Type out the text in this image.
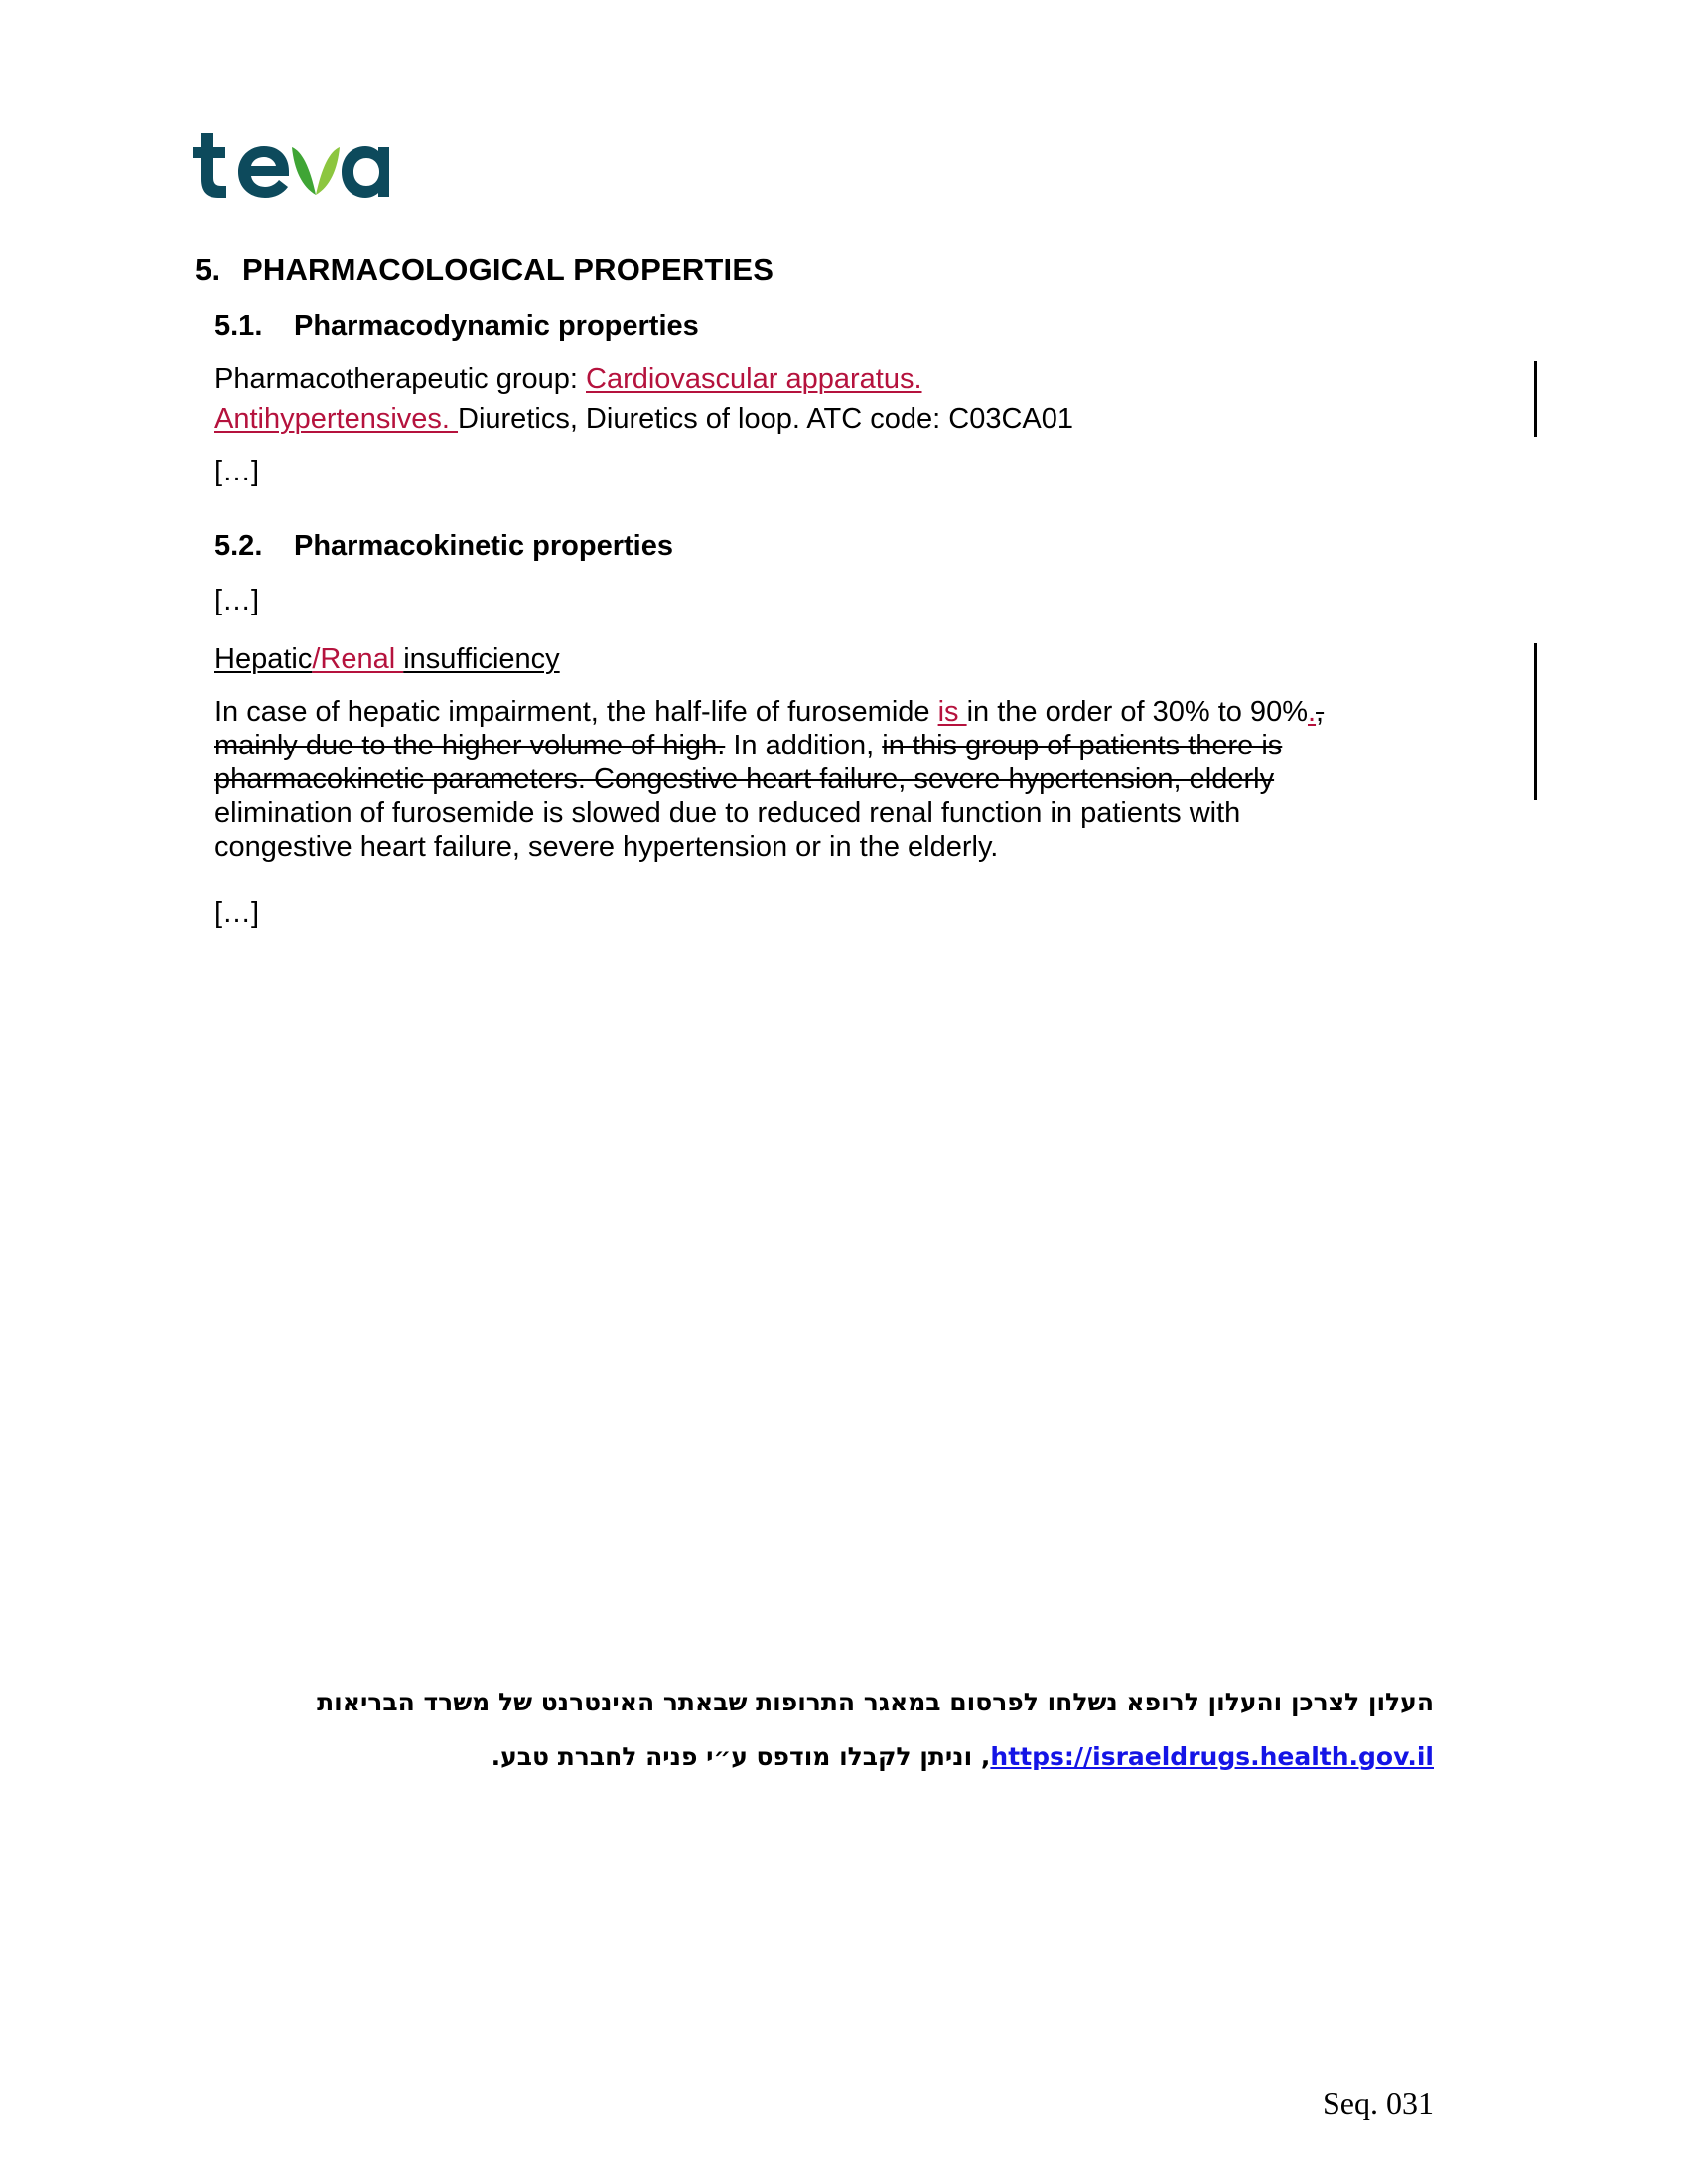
5. PHARMACOLOGICAL PROPERTIES
5.1. Pharmacodynamic properties
Pharmacotherapeutic group: Cardiovascular apparatus.
Antihypertensives. Diuretics, Diuretics of loop. ATC code: C03CA01
[…]
5.2. Pharmacokinetic properties
[…]
Hepatic/Renal insufficiency
In case of hepatic impairment, the half-life of furosemide is in the order of 30% to 90%.,
mainly due to the higher volume of high. In addition, in this group of patients there is
pharmacokinetic parameters. Congestive heart failure, severe hypertension, elderly
elimination of furosemide is slowed due to reduced renal function in patients with
congestive heart failure, severe hypertension or in the elderly.
[…]
העלון לצרכן והעלון לרופא נשלחו לפרסום במאגר התרופות שבאתר האינטרנט של משרד הבריאות
https://israeldrugs.health.gov.il, וניתן לקבלו מודפס ע״י פניה לחברת טבע.
Seq. 031
